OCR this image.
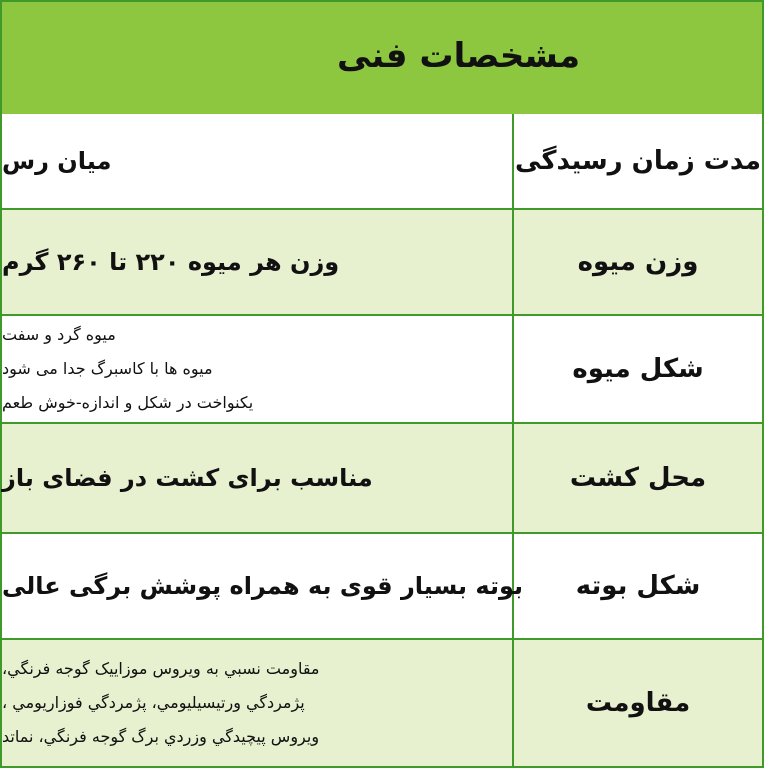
مشخصات فنی
مدت زمان رسیدگی
میان رس
وزن میوه
وزن هر میوه ۲۲۰ تا ۲۶۰ گرم
شکل میوه
میوه گرد و سفت
میوه ها با کاسبرگ جدا می شود
یکنواخت در شکل و اندازه-خوش طعم
محل کشت
مناسب برای کشت در فضای باز
شکل بوته
بوته بسیار قوی به همراه پوشش برگی عالی
مقاومت
مقاومت نسبي به ويروس موزاييک گوجه فرنگي،
پژمردگي ورتيسيليومي، پژمردگي فوزاريومي ،
ويروس پيچيدگي وزردي برگ گوجه فرنگي، نماتد
